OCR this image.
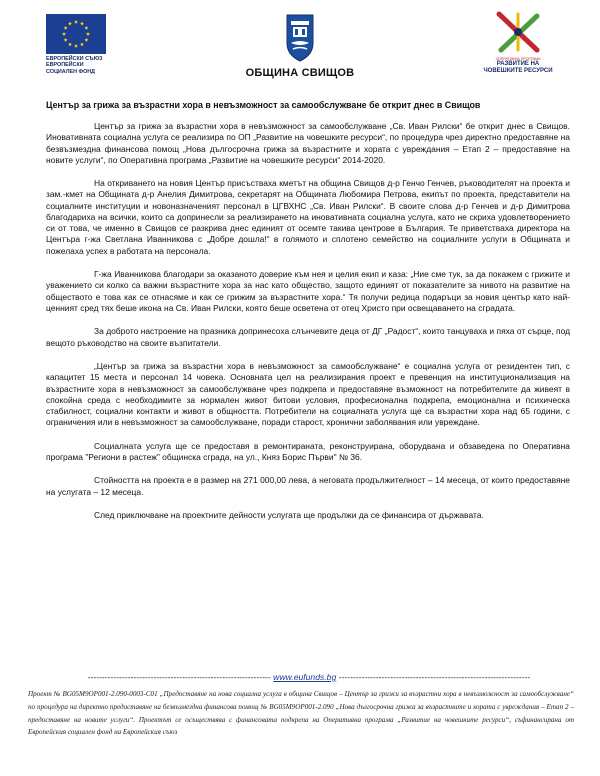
ЕВРОПЕЙСКИ СЪЮЗ
ЕВРОПЕЙСКИ
СОЦИАЛЕН ФОНД	ОБЩИНА СВИЩОВ
ОПЕРАТИВНА ПРОГРАМА
РАЗВИТИЕ НА
ЧОВЕШКИТЕ РЕСУРСИ
Център за грижа за възрастни хора в невъзможност за самообслужване бе открит днес в Свищов

Център за грижа за възрастни хора в невъзможност за самообслужване „Св. Иван Рилски“ бе открит днес в Свищов. Иновативната социална услуга се реализира по ОП „Развитие на човешките ресурси“, по процедура чрез директно предоставяне на безвъзмездна финансова помощ „Нова дългосрочна грижа за възрастните и хората с увреждания – Етап 2 – предоставяне на новите услуги“, по Оперативна програма „Развитие на човешките ресурси“ 2014-2020.

На откриването на новия Център присъстваха кметът на община Свищов д-р Генчо Генчев, ръководителят на проекта и зам.-кмет на Общината д-р Анелия Димитрова, секретарят на Общината Любомира Петрова, екипът по проекта, представители на социалните институции и новоназначеният персонал в ЦГВХНС „Св. Иван Рилски“. В своите слова д-р Генчев и д-р Димитрова благодариха на всички, които са допринесли за реализирането на иновативната социална услуга, като не скриха удовлетворението си от това, че именно в Свищов се разкрива днес единият от осемте такива центрове в България. Те приветстваха директора на Центъра г-жа Светлана Иванникова с „Добре дошла!“ в голямото и сплотено семейство на социалните услуги в Общината и пожелаха успех в работата на персонала.

Г-жа Иванникова благодари за оказаното доверие към нея и целия екип и каза: „Ние сме тук, за да покажем с грижите и уважението си колко са важни възрастните хора за нас като общество, защото единият от показателите за нивото на развитие на обществото е това как се отнасяме и как се грижим за възрастните хора.“ Тя получи редица подаръци за новия център като най-ценният сред тях беше икона на Св. Иван Рилски, която беше осветена от отец Христо при освещаването на сградата.

За доброто настроение на празника допринесоха слънчевите деца от ДГ „Радост“, които танцуваха и пяха от сърце, под вещото ръководство на своите възпитатели.

„Център за грижа за възрастни хора в невъзможност за самообслужване“ е социална услуга от резидентен тип, с капацитет 15 места и персонал 14 човека. Основната цел на реализирания проект е превенция на институционализация на възрастните хора в невъзможност за самообслужване чрез подкрепа и предоставяне възможност на потребителите да живеят в спокойна среда с необходимите за нормален живот битови условия, професионална подкрепа, емоционална и психическа стабилност, социални контакти и живот в общността. Потребители на социалната услуга ще са възрастни хора над 65 години, с ограничения или в невъзможност за самообслужване, поради старост, хронични заболявания или увреждане.

Социалната услуга ще се предоставя в ремонтираната, реконструирана, оборудвана и обзаведена по Оперативна програма "Региони в растеж" общинска сграда, на ул., Княз Борис Първи" № 36.

Стойността на проекта е в размер на 271 000,00 лева, а неговата продължителност – 14 месеца, от които предоставяне на услугата – 12 месеца.

След приключване на проектните дейности услугата ще продължи да се финансира от държавата.

---------------------------------------------------------------- www.eufunds.bg -------------------------------------------------------------------
Проект № BG05M9OP001-2.090-0003-C01 „Предоставяне на нова социална услуга в община Свищов – Център за грижи за възрастни хора в невъзможност за самообслужване“ по процедура на директно предоставяне на безвъзмездна финансова помощ № BG05M9OP001-2.090 „Нова дългосрочна грижа за възрастните и хората с увреждания – Етап 2 – предоставяне на новите услуги“. Проектът се осъществява с финансовата подкрепа на Оперативна програма „Развитие на човешките ресурси“, съфинансирана от Европейския социален фонд на Европейския съюз
